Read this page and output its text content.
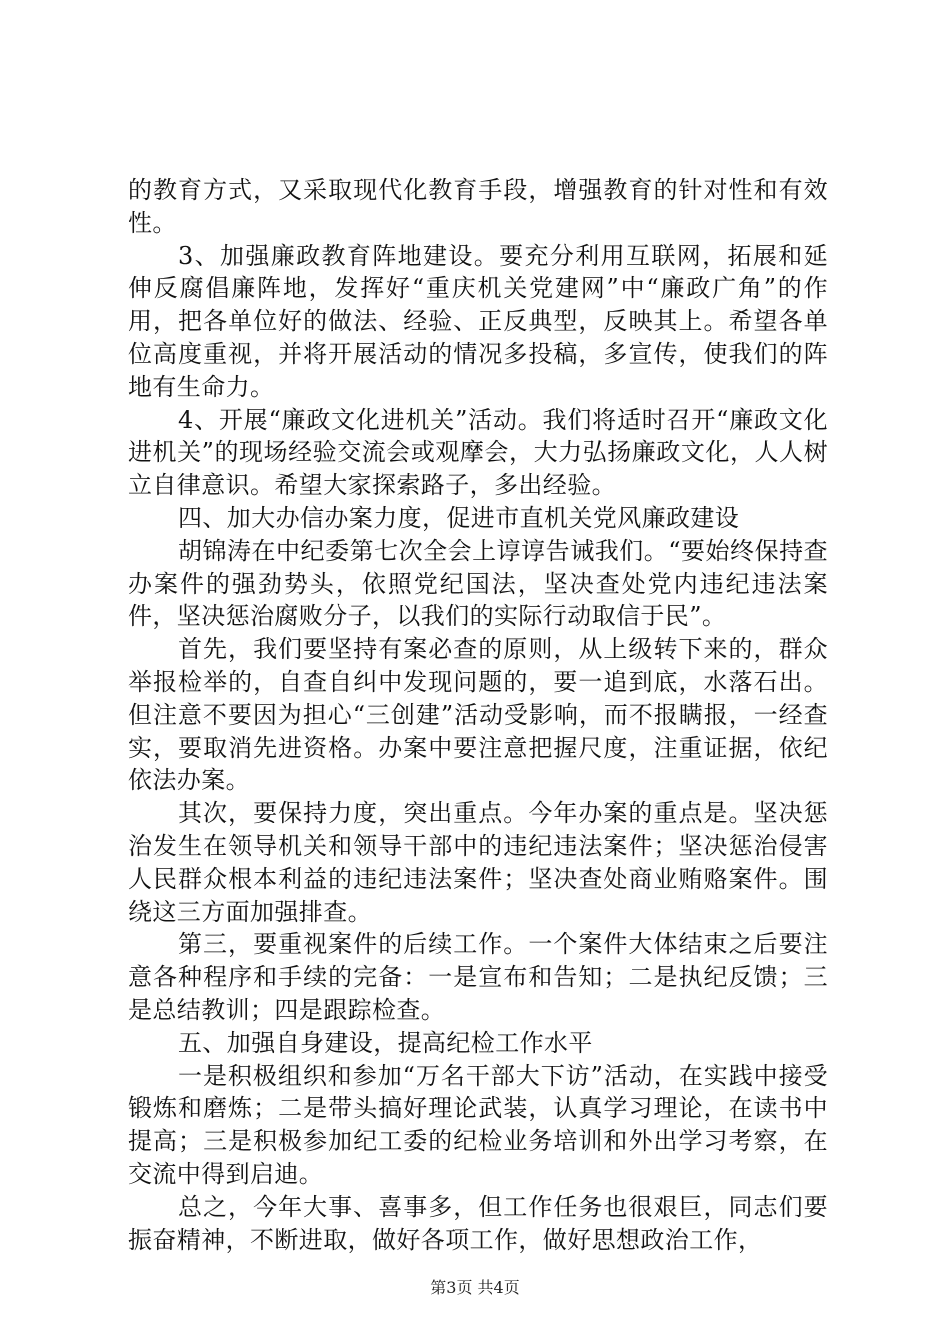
的教育方式，又采取现代化教育手段，增强教育的针对性和有效性。

3、加强廉政教育阵地建设。要充分利用互联网，拓展和延伸反腐倡廉阵地，发挥好“重庆机关党建网”中“廉政广角”的作用，把各单位好的做法、经验、正反典型，反映其上。希望各单位高度重视，并将开展活动的情况多投稿，多宣传，使我们的阵地有生命力。

4、开展“廉政文化进机关”活动。我们将适时召开“廉政文化进机关”的现场经验交流会或观摩会，大力弘扬廉政文化，人人树立自律意识。希望大家探索路子，多出经验。

四、加大办信办案力度，促进市直机关党风廉政建设

胡锦涛在中纪委第七次全会上谆谆告诫我们。“要始终保持查办案件的强劲势头，依照党纪国法，坚决查处党内违纪违法案件，坚决惩治腐败分子，以我们的实际行动取信于民”。

首先，我们要坚持有案必查的原则，从上级转下来的，群众举报检举的，自查自纠中发现问题的，要一追到底，水落石出。但注意不要因为担心“三创建”活动受影响，而不报瞒报，一经查实，要取消先进资格。办案中要注意把握尺度，注重证据，依纪依法办案。

其次，要保持力度，突出重点。今年办案的重点是。坚决惩治发生在领导机关和领导干部中的违纪违法案件；坚决惩治侵害人民群众根本利益的违纪违法案件；坚决查处商业贿赂案件。围绕这三方面加强排查。

第三，要重视案件的后续工作。一个案件大体结束之后要注意各种程序和手续的完备：一是宣布和告知；二是执纪反馈；三是总结教训；四是跟踪检查。

五、加强自身建设，提高纪检工作水平

一是积极组织和参加“万名干部大下访”活动，在实践中接受锻炼和磨炼；二是带头搞好理论武装，认真学习理论，在读书中提高；三是积极参加纪工委的纪检业务培训和外出学习考察，在交流中得到启迪。

总之，今年大事、喜事多，但工作任务也很艰巨，同志们要振奋精神，不断进取，做好各项工作，做好思想政治工作，

第3页 共4页
